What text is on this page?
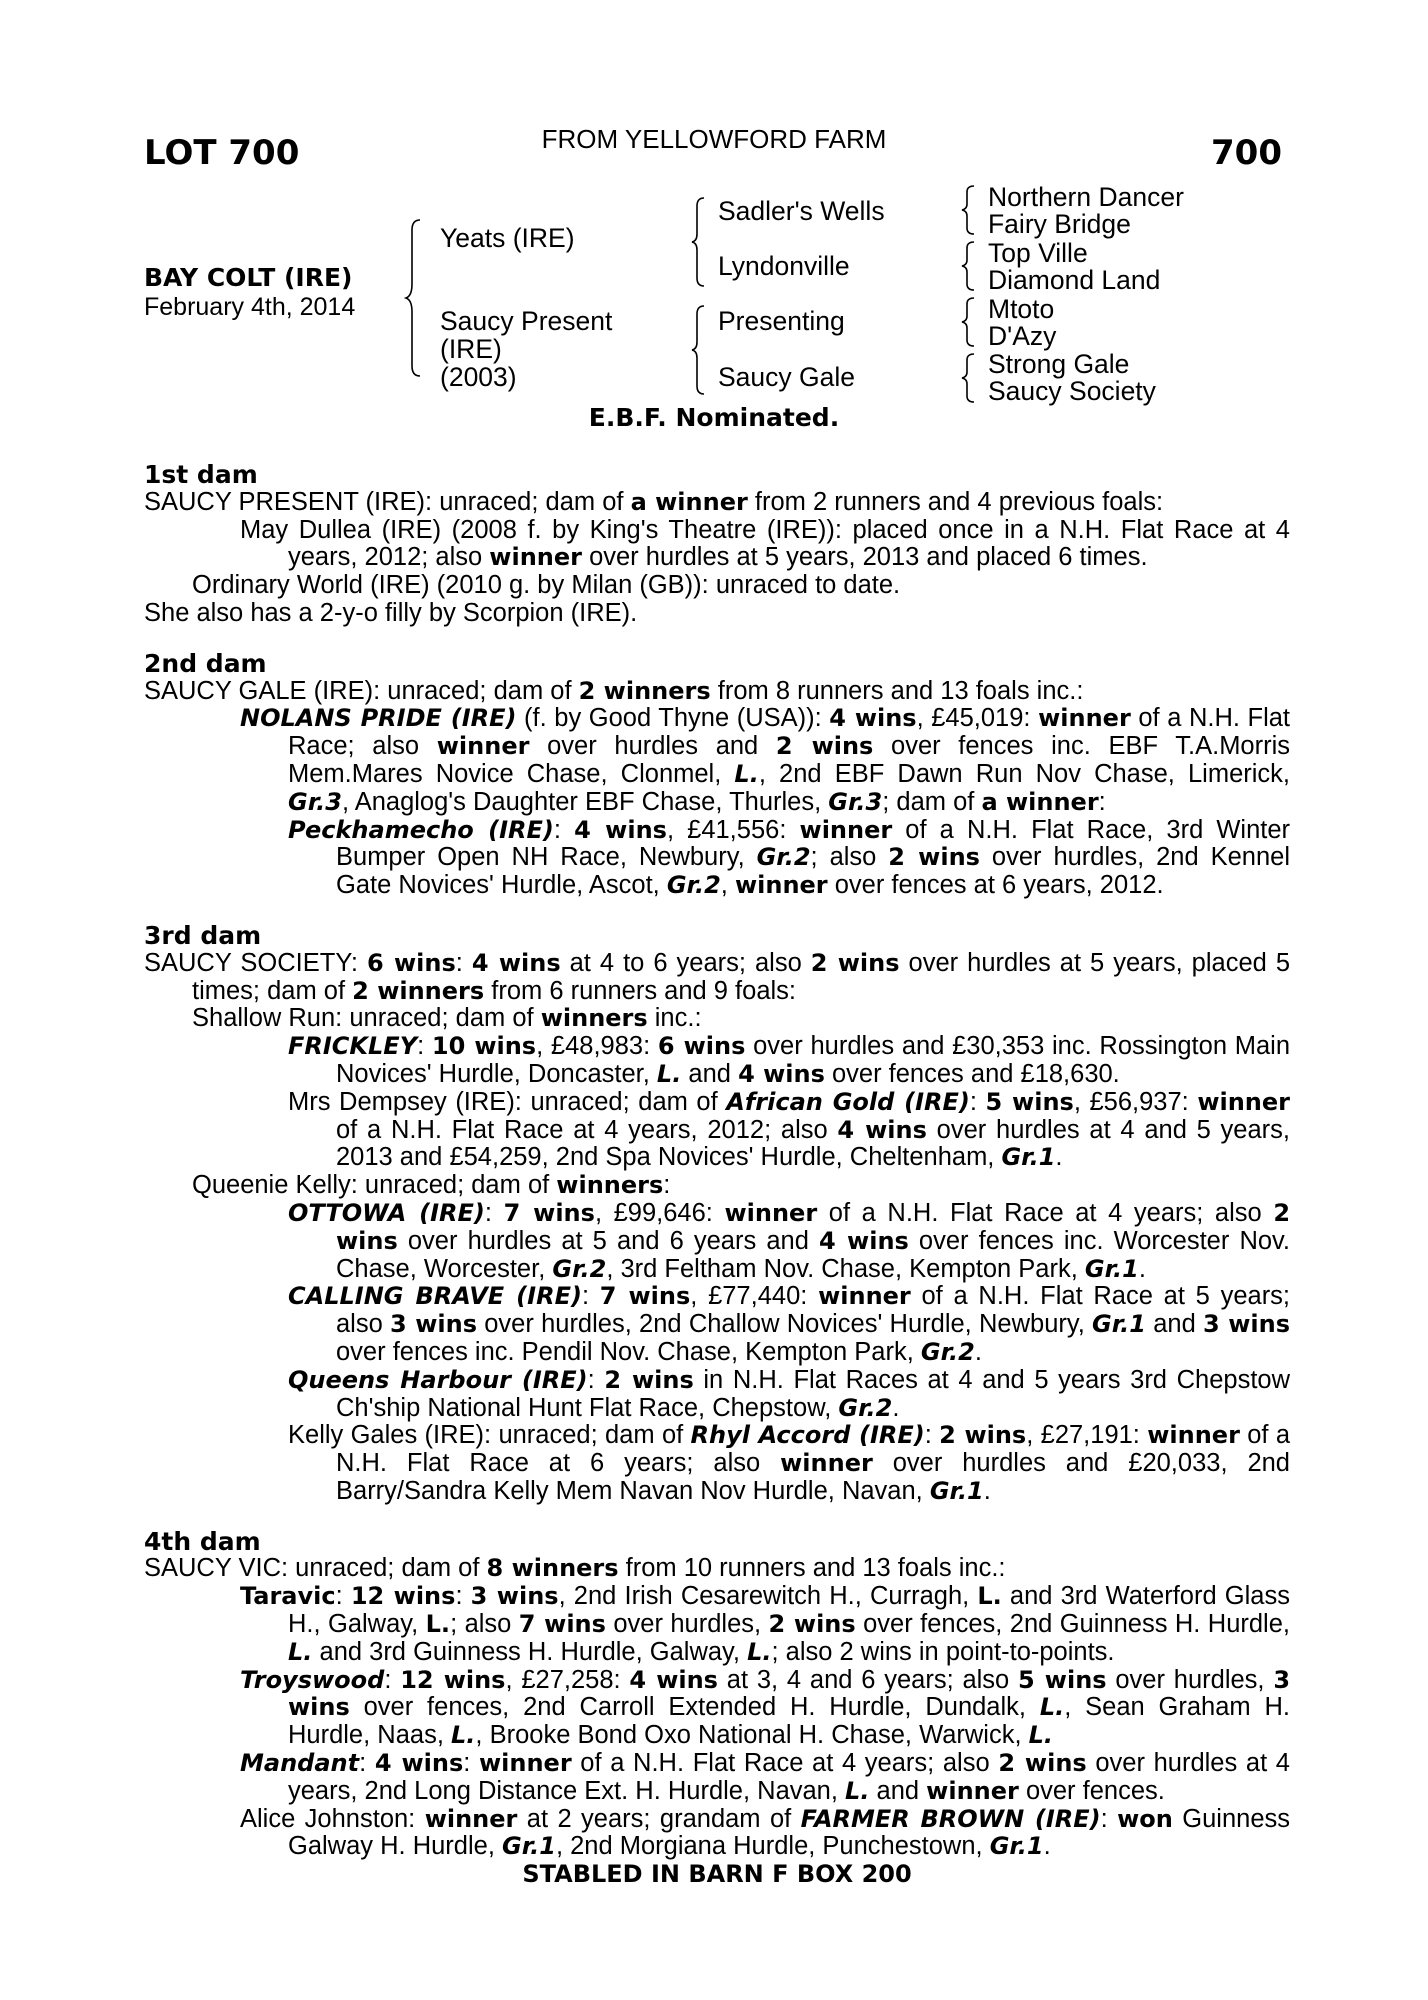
LOT 700	FROM YELLOWFORD FARM	700
BAY COLT (IRE)
February 4th, 2014
Yeats (IRE)
Saucy Present
(IRE)
(2003)
Sadler's Wells
Lyndonville
Presenting
Saucy Gale
Northern Dancer
Fairy Bridge
Top Ville
Diamond Land
Mtoto
D'Azy
Strong Gale
Saucy Society
E.B.F. Nominated.
1st dam
SAUCY PRESENT (IRE): unraced; dam of a winner from 2 runners and 4 previous foals:
May Dullea (IRE) (2008 f. by King's Theatre (IRE)): placed once in a N.H. Flat Race at 4 years, 2012; also winner over hurdles at 5 years, 2013 and placed 6 times.
Ordinary World (IRE) (2010 g. by Milan (GB)): unraced to date.
She also has a 2-y-o filly by Scorpion (IRE).
2nd dam
SAUCY GALE (IRE): unraced; dam of 2 winners from 8 runners and 13 foals inc.:
NOLANS PRIDE (IRE) (f. by Good Thyne (USA)): 4 wins, £45,019: winner of a N.H. Flat Race; also winner over hurdles and 2 wins over fences inc. EBF T.A.Morris Mem.Mares Novice Chase, Clonmel, L., 2nd EBF Dawn Run Nov Chase, Limerick, Gr.3, Anaglog's Daughter EBF Chase, Thurles, Gr.3; dam of a winner:
Peckhamecho (IRE): 4 wins, £41,556: winner of a N.H. Flat Race, 3rd Winter Bumper Open NH Race, Newbury, Gr.2; also 2 wins over hurdles, 2nd Kennel Gate Novices' Hurdle, Ascot, Gr.2, winner over fences at 6 years, 2012.
3rd dam
SAUCY SOCIETY: 6 wins: 4 wins at 4 to 6 years; also 2 wins over hurdles at 5 years, placed 5 times; dam of 2 winners from 6 runners and 9 foals:
Shallow Run: unraced; dam of winners inc.:
FRICKLEY: 10 wins, £48,983: 6 wins over hurdles and £30,353 inc. Rossington Main Novices' Hurdle, Doncaster, L. and 4 wins over fences and £18,630.
Mrs Dempsey (IRE): unraced; dam of African Gold (IRE): 5 wins, £56,937: winner of a N.H. Flat Race at 4 years, 2012; also 4 wins over hurdles at 4 and 5 years, 2013 and £54,259, 2nd Spa Novices' Hurdle, Cheltenham, Gr.1.
Queenie Kelly: unraced; dam of winners:
OTTOWA (IRE): 7 wins, £99,646: winner of a N.H. Flat Race at 4 years; also 2 wins over hurdles at 5 and 6 years and 4 wins over fences inc. Worcester Nov. Chase, Worcester, Gr.2, 3rd Feltham Nov. Chase, Kempton Park, Gr.1.
CALLING BRAVE (IRE): 7 wins, £77,440: winner of a N.H. Flat Race at 5 years; also 3 wins over hurdles, 2nd Challow Novices' Hurdle, Newbury, Gr.1 and 3 wins over fences inc. Pendil Nov. Chase, Kempton Park, Gr.2.
Queens Harbour (IRE): 2 wins in N.H. Flat Races at 4 and 5 years 3rd Chepstow Ch'ship National Hunt Flat Race, Chepstow, Gr.2.
Kelly Gales (IRE): unraced; dam of Rhyl Accord (IRE): 2 wins, £27,191: winner of a N.H. Flat Race at 6 years; also winner over hurdles and £20,033, 2nd Barry/Sandra Kelly Mem Navan Nov Hurdle, Navan, Gr.1.
4th dam
SAUCY VIC: unraced; dam of 8 winners from 10 runners and 13 foals inc.:
Taravic: 12 wins: 3 wins, 2nd Irish Cesarewitch H., Curragh, L. and 3rd Waterford Glass H., Galway, L.; also 7 wins over hurdles, 2 wins over fences, 2nd Guinness H. Hurdle, L. and 3rd Guinness H. Hurdle, Galway, L.; also 2 wins in point-to-points.
Troyswood: 12 wins, £27,258: 4 wins at 3, 4 and 6 years; also 5 wins over hurdles, 3 wins over fences, 2nd Carroll Extended H. Hurdle, Dundalk, L., Sean Graham H. Hurdle, Naas, L., Brooke Bond Oxo National H. Chase, Warwick, L.
Mandant: 4 wins: winner of a N.H. Flat Race at 4 years; also 2 wins over hurdles at 4 years, 2nd Long Distance Ext. H. Hurdle, Navan, L. and winner over fences.
Alice Johnston: winner at 2 years; grandam of FARMER BROWN (IRE): won Guinness Galway H. Hurdle, Gr.1, 2nd Morgiana Hurdle, Punchestown, Gr.1.
STABLED IN BARN F BOX 200
